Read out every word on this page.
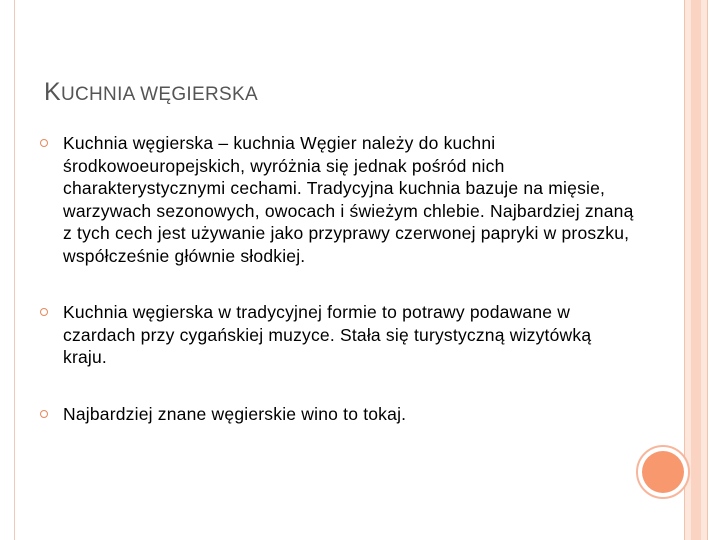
KUCHNIA WĘGIERSKA
Kuchnia węgierska – kuchnia Węgier należy do kuchni środkowoeuropejskich, wyróżnia się jednak pośród nich charakterystycznymi cechami. Tradycyjna kuchnia bazuje na mięsie, warzywach sezonowych, owocach i świeżym chlebie. Najbardziej znaną z tych cech jest używanie jako przyprawy czerwonej papryki w proszku, współcześnie głównie słodkiej.
Kuchnia węgierska w tradycyjnej formie to potrawy podawane w czardach przy cygańskiej muzyce. Stała się turystyczną wizytówką kraju.
Najbardziej znane węgierskie wino to tokaj.
